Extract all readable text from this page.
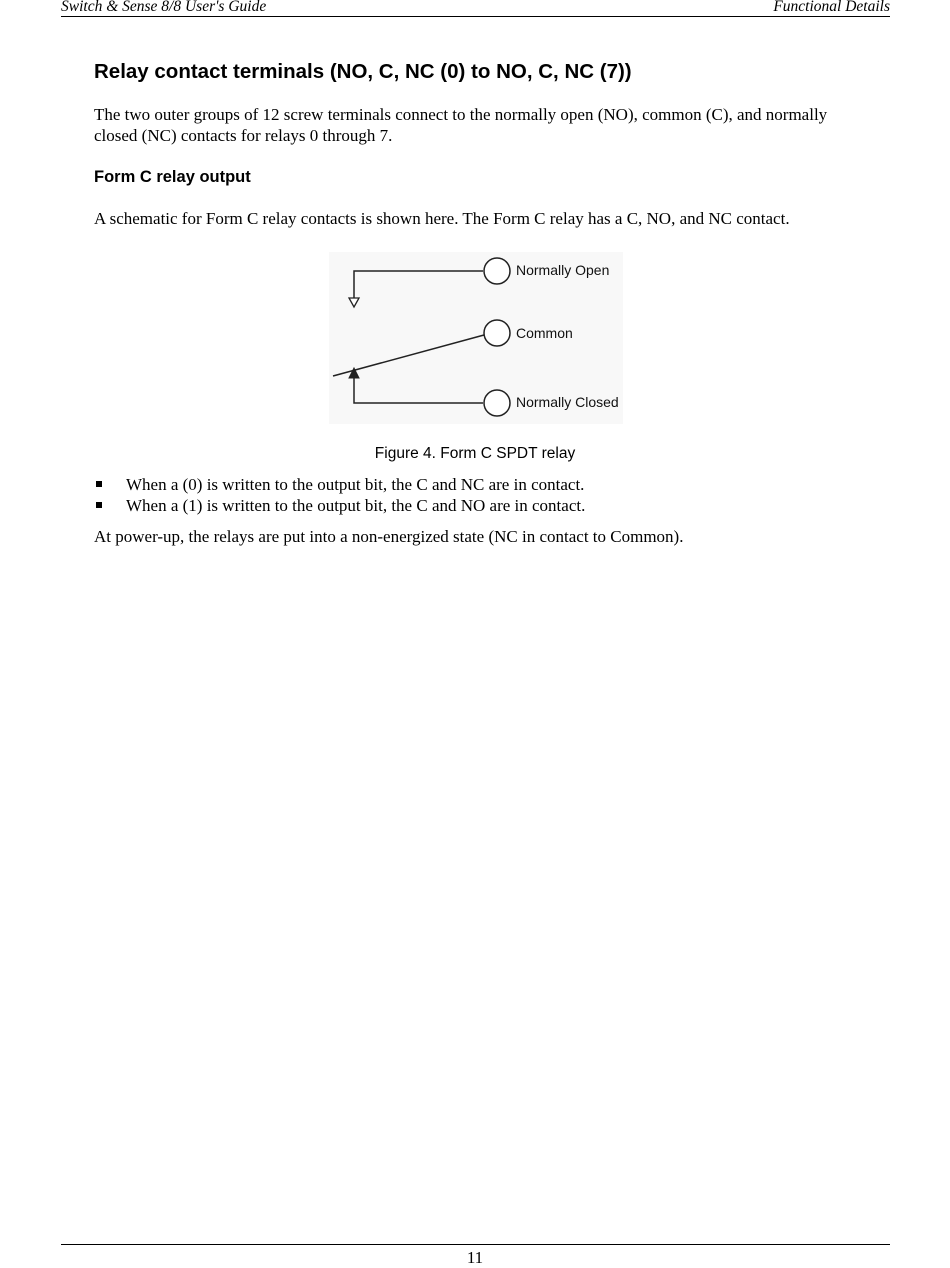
Switch & Sense 8/8 User's Guide	Functional Details
Relay contact terminals (NO, C, NC (0) to NO, C, NC (7))

The two outer groups of 12 screw terminals connect to the normally open (NO), common (C), and normally closed (NC) contacts for relays 0 through 7.

Form C relay output

A schematic for Form C relay contacts is shown here. The Form C relay has a C, NO, and NC contact.

Normally Open
Common
Normally Closed
Figure 4. Form C SPDT relay
When a (0) is written to the output bit, the C and NC are in contact.
When a (1) is written to the output bit, the C and NO are in contact.

At power-up, the relays are put into a non-energized state (NC in contact to Common).

11
